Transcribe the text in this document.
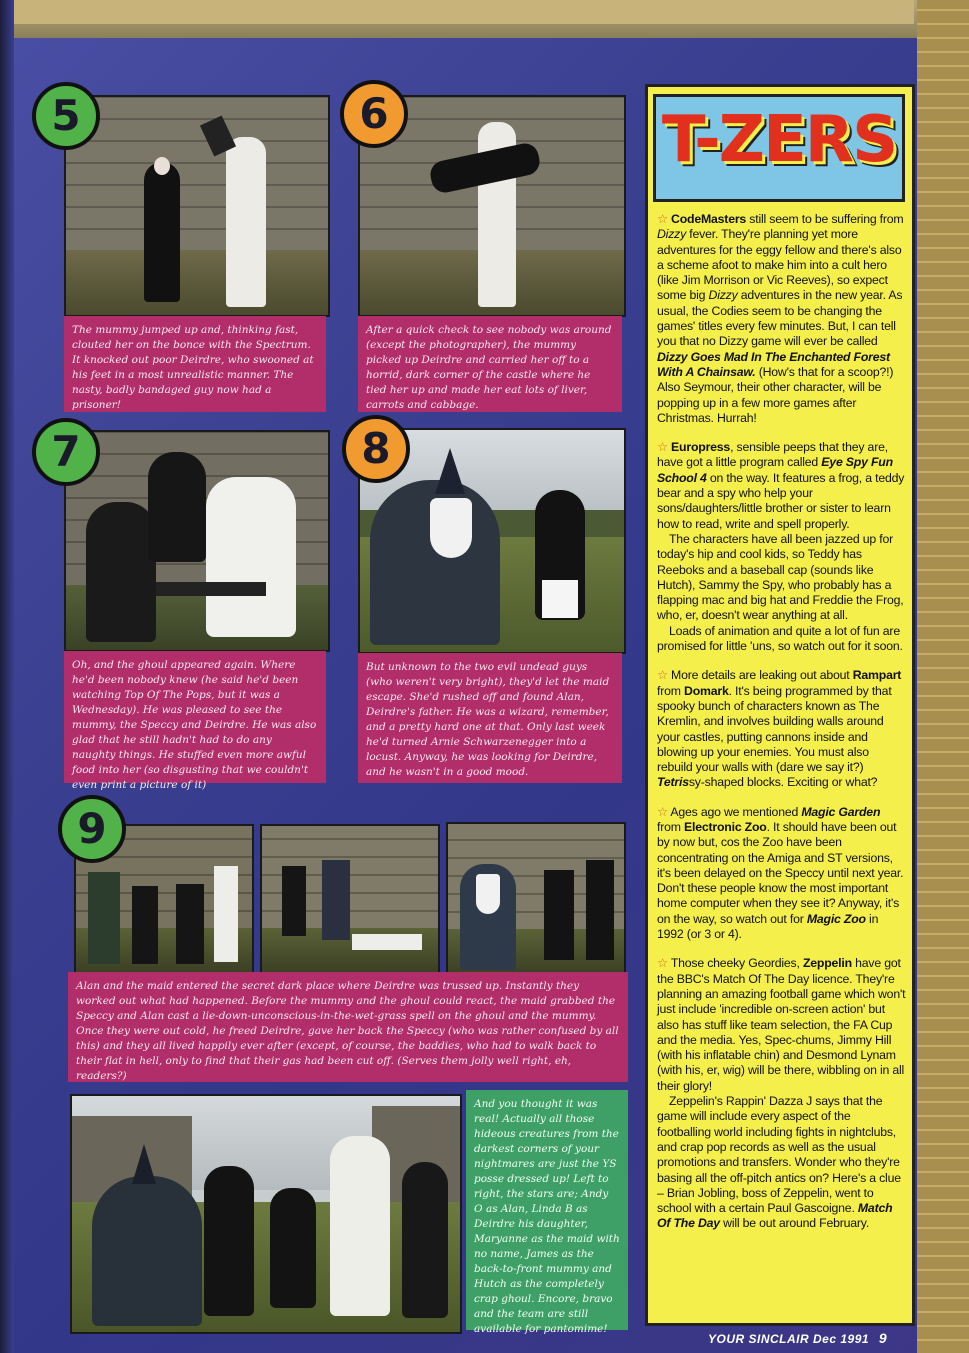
5
The mummy jumped up and, thinking fast, clouted her on the bonce with the Spectrum. It knocked out poor Deirdre, who swooned at his feet in a most unrealistic manner. The nasty, badly bandaged guy now had a prisoner!
6
After a quick check to see nobody was around (except the photographer), the mummy picked up Deirdre and carried her off to a horrid, dark corner of the castle where he tied her up and made her eat lots of liver, carrots and cabbage.
7
Oh, and the ghoul appeared again. Where he'd been nobody knew (he said he'd been watching Top Of The Pops, but it was a Wednesday). He was pleased to see the mummy, the Speccy and Deirdre. He was also glad that he still hadn't had to do any naughty things. He stuffed even more awful food into her (so disgusting that we couldn't even print a picture of it)
8
But unknown to the two evil undead guys (who weren't very bright), they'd let the maid escape. She'd rushed off and found Alan, Deirdre's father. He was a wizard, remember, and a pretty hard one at that. Only last week he'd turned Arnie Schwarzenegger into a locust. Anyway, he was looking for Deirdre, and he wasn't in a good mood.
9
Alan and the maid entered the secret dark place where Deirdre was trussed up. Instantly they worked out what had happened. Before the mummy and the ghoul could react, the maid grabbed the Speccy and Alan cast a lie-down-unconscious-in-the-wet-grass spell on the ghoul and the mummy. Once they were out cold, he freed Deirdre, gave her back the Speccy (who was rather confused by all this) and they all lived happily ever after (except, of course, the baddies, who had to walk back to their flat in hell, only to find that their gas had been cut off. (Serves them jolly well right, eh, readers?)
And you thought it was real! Actually all those hideous creatures from the darkest corners of your nightmares are just the YS posse dressed up! Left to right, the stars are; Andy O as Alan, Linda B as Deirdre his daughter, Maryanne as the maid with no name, James as the back-to-front mummy and Hutch as the completely crap ghoul. Encore, bravo and the team are still available for pantomime!
T-ZERS

☆ CodeMasters still seem to be suffering from Dizzy fever. They're planning yet more adventures for the eggy fellow and there's also a scheme afoot to make him into a cult hero (like Jim Morrison or Vic Reeves), so expect some big Dizzy adventures in the new year. As usual, the Codies seem to be changing the games' titles every few minutes. But, I can tell you that no Dizzy game will ever be called Dizzy Goes Mad In The Enchanted Forest With A Chainsaw. (How's that for a scoop?!) Also Seymour, their other character, will be popping up in a few more games after Christmas. Hurrah!

☆ Europress, sensible peeps that they are, have got a little program called Eye Spy Fun School 4 on the way. It features a frog, a teddy bear and a spy who help your sons/daughters/little brother or sister to learn how to read, write and spell properly.

The characters have all been jazzed up for today's hip and cool kids, so Teddy has Reeboks and a baseball cap (sounds like Hutch), Sammy the Spy, who probably has a flapping mac and big hat and Freddie the Frog, who, er, doesn't wear anything at all.

Loads of animation and quite a lot of fun are promised for little 'uns, so watch out for it soon.

☆ More details are leaking out about Rampart from Domark. It's being programmed by that spooky bunch of characters known as The Kremlin, and involves building walls around your castles, putting cannons inside and blowing up your enemies. You must also rebuild your walls with (dare we say it?) Tetrissy-shaped blocks. Exciting or what?

☆ Ages ago we mentioned Magic Garden from Electronic Zoo. It should have been out by now but, cos the Zoo have been concentrating on the Amiga and ST versions, it's been delayed on the Speccy until next year. Don't these people know the most important home computer when they see it? Anyway, it's on the way, so watch out for Magic Zoo in 1992 (or 3 or 4).

☆ Those cheeky Geordies, Zeppelin have got the BBC's Match Of The Day licence. They're planning an amazing football game which won't just include 'incredible on-screen action' but also has stuff like team selection, the FA Cup and the media. Yes, Spec-chums, Jimmy Hill (with his inflatable chin) and Desmond Lynam (with his, er, wig) will be there, wibbling on in all their glory!

Zeppelin's Rappin' Dazza J says that the game will include every aspect of the footballing world including fights in nightclubs, and crap pop records as well as the usual promotions and transfers. Wonder who they're basing all the off-pitch antics on? Here's a clue – Brian Jobling, boss of Zeppelin, went to school with a certain Paul Gascoigne. Match Of The Day will be out around February.

YOUR SINCLAIR Dec 1991 9
